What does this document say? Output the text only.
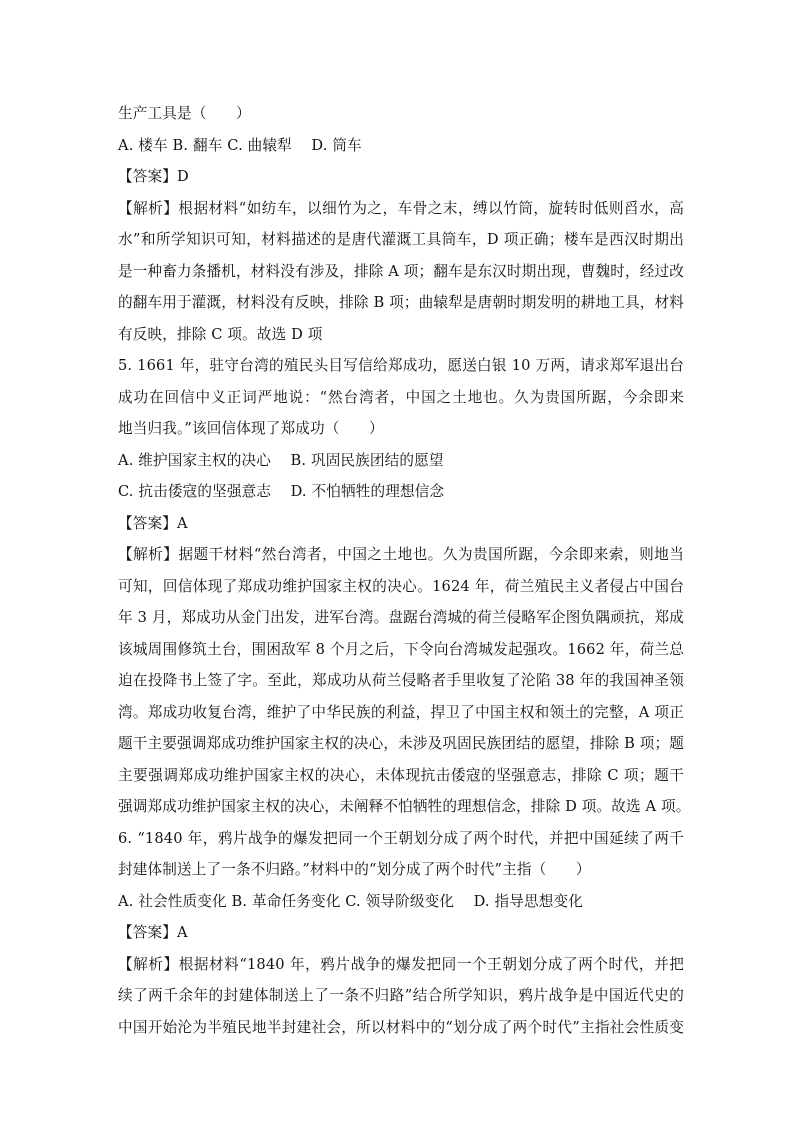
生产工具是（　　）
A. 楼车 B. 翻车 C. 曲辕犁　 D. 筒车
【答案】D
【解析】根据材料“如纺车，以细竹为之，车骨之末，缚以竹筒，旋转时低则舀水，高
水”和所学知识可知，材料描述的是唐代灌溉工具筒车，D 项正确；楼车是西汉时期出
是一种畜力条播机，材料没有涉及，排除 A 项；翻车是东汉时期出现，曹魏时，经过改
的翻车用于灌溉，材料没有反映，排除 B 项；曲辕犁是唐朝时期发明的耕地工具，材料
有反映，排除 C 项。故选 D 项
5. 1661 年，驻守台湾的殖民头目写信给郑成功，愿送白银 10 万两，请求郑军退出台
成功在回信中义正词严地说：“然台湾者，中国之土地也。久为贵国所踞，今余即来
地当归我。”该回信体现了郑成功（　　）
A. 维护国家主权的决心　 B. 巩固民族团结的愿望
C. 抗击倭寇的坚强意志　 D. 不怕牺牲的理想信念
【答案】A
【解析】据题干材料“然台湾者，中国之土地也。久为贵国所踞，今余即来索，则地当
可知，回信体现了郑成功维护国家主权的决心。1624 年，荷兰殖民主义者侵占中国台
年 3 月，郑成功从金门出发，进军台湾。盘踞台湾城的荷兰侵略军企图负隅顽抗，郑成
该城周围修筑土台，围困敌军 8 个月之后，下令向台湾城发起强攻。1662 年，荷兰总
迫在投降书上签了字。至此，郑成功从荷兰侵略者手里收复了沦陷 38 年的我国神圣领
湾。郑成功收复台湾，维护了中华民族的利益，捍卫了中国主权和领土的完整，A 项正
题干主要强调郑成功维护国家主权的决心，未涉及巩固民族团结的愿望，排除 B 项；题
主要强调郑成功维护国家主权的决心，未体现抗击倭寇的坚强意志，排除 C 项；题干
强调郑成功维护国家主权的决心，未阐释不怕牺牲的理想信念，排除 D 项。故选 A 项。
6. “1840 年，鸦片战争的爆发把同一个王朝划分成了两个时代，并把中国延续了两千
封建体制送上了一条不归路。”材料中的“划分成了两个时代”主指（　　）
A. 社会性质变化 B. 革命任务变化 C. 领导阶级变化　 D. 指导思想变化
【答案】A
【解析】根据材料“1840 年，鸦片战争的爆发把同一个王朝划分成了两个时代，并把
续了两千余年的封建体制送上了一条不归路”结合所学知识，鸦片战争是中国近代史的
中国开始沦为半殖民地半封建社会，所以材料中的“划分成了两个时代”主指社会性质变
